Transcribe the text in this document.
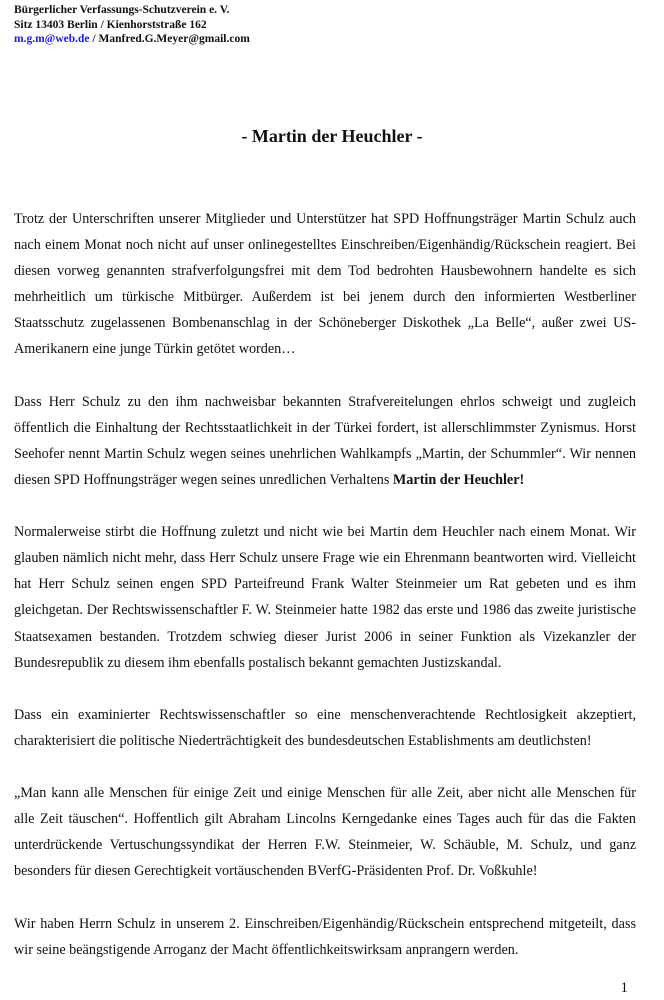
Bürgerlicher Verfassungs-Schutzverein e. V.
Sitz 13403 Berlin / Kienhorststraße 162
m.g.m@web.de / Manfred.G.Meyer@gmail.com
- Martin der Heuchler -

Trotz der Unterschriften unserer Mitglieder und Unterstützer hat SPD Hoffnungsträger Martin Schulz auch nach einem Monat noch nicht auf unser onlinegestelltes Einschreiben/Eigenhändig/Rückschein reagiert. Bei diesen vorweg genannten strafverfolgungsfrei mit dem Tod bedrohten Hausbewohnern handelte es sich mehrheitlich um türkische Mitbürger. Außerdem ist bei jenem durch den informierten Westberliner Staatsschutz zugelassenen Bombenanschlag in der Schöneberger Diskothek „La Belle“, außer zwei US-Amerikanern eine junge Türkin getötet worden…

Dass Herr Schulz zu den ihm nachweisbar bekannten Strafvereitelungen ehrlos schweigt und zugleich öffentlich die Einhaltung der Rechtsstaatlichkeit in der Türkei fordert, ist allerschlimmster Zynismus. Horst Seehofer nennt Martin Schulz wegen seines unehrlichen Wahlkampfs „Martin, der Schummler“. Wir nennen diesen SPD Hoffnungsträger wegen seines unredlichen Verhaltens Martin der Heuchler!

Normalerweise stirbt die Hoffnung zuletzt und nicht wie bei Martin dem Heuchler nach einem Monat. Wir glauben nämlich nicht mehr, dass Herr Schulz unsere Frage wie ein Ehrenmann beantworten wird. Vielleicht hat Herr Schulz seinen engen SPD Parteifreund Frank Walter Steinmeier um Rat gebeten und es ihm gleichgetan. Der Rechtswissenschaftler F. W. Steinmeier hatte 1982 das erste und 1986 das zweite juristische Staatsexamen bestanden. Trotzdem schwieg dieser Jurist 2006 in seiner Funktion als Vizekanzler der Bundesrepublik zu diesem ihm ebenfalls postalisch bekannt gemachten Justizskandal.

Dass ein examinierter Rechtswissenschaftler so eine menschenverachtende Rechtlosigkeit akzeptiert, charakterisiert die politische Niederträchtigkeit des bundesdeutschen Establishments am deutlichsten!

„Man kann alle Menschen für einige Zeit und einige Menschen für alle Zeit, aber nicht alle Menschen für alle Zeit täuschen“. Hoffentlich gilt Abraham Lincolns Kerngedanke eines Tages auch für das die Fakten unterdrückende Vertuschungssyndikat der Herren F.W. Steinmeier, W. Schäuble, M. Schulz, und ganz besonders für diesen Gerechtigkeit vortäuschenden BVerfG-Präsidenten Prof. Dr. Voßkuhle!

Wir haben Herrn Schulz in unserem 2. Einschreiben/Eigenhändig/Rückschein entsprechend mitgeteilt, dass wir seine beängstigende Arroganz der Macht öffentlichkeitswirksam anprangern werden.

1
